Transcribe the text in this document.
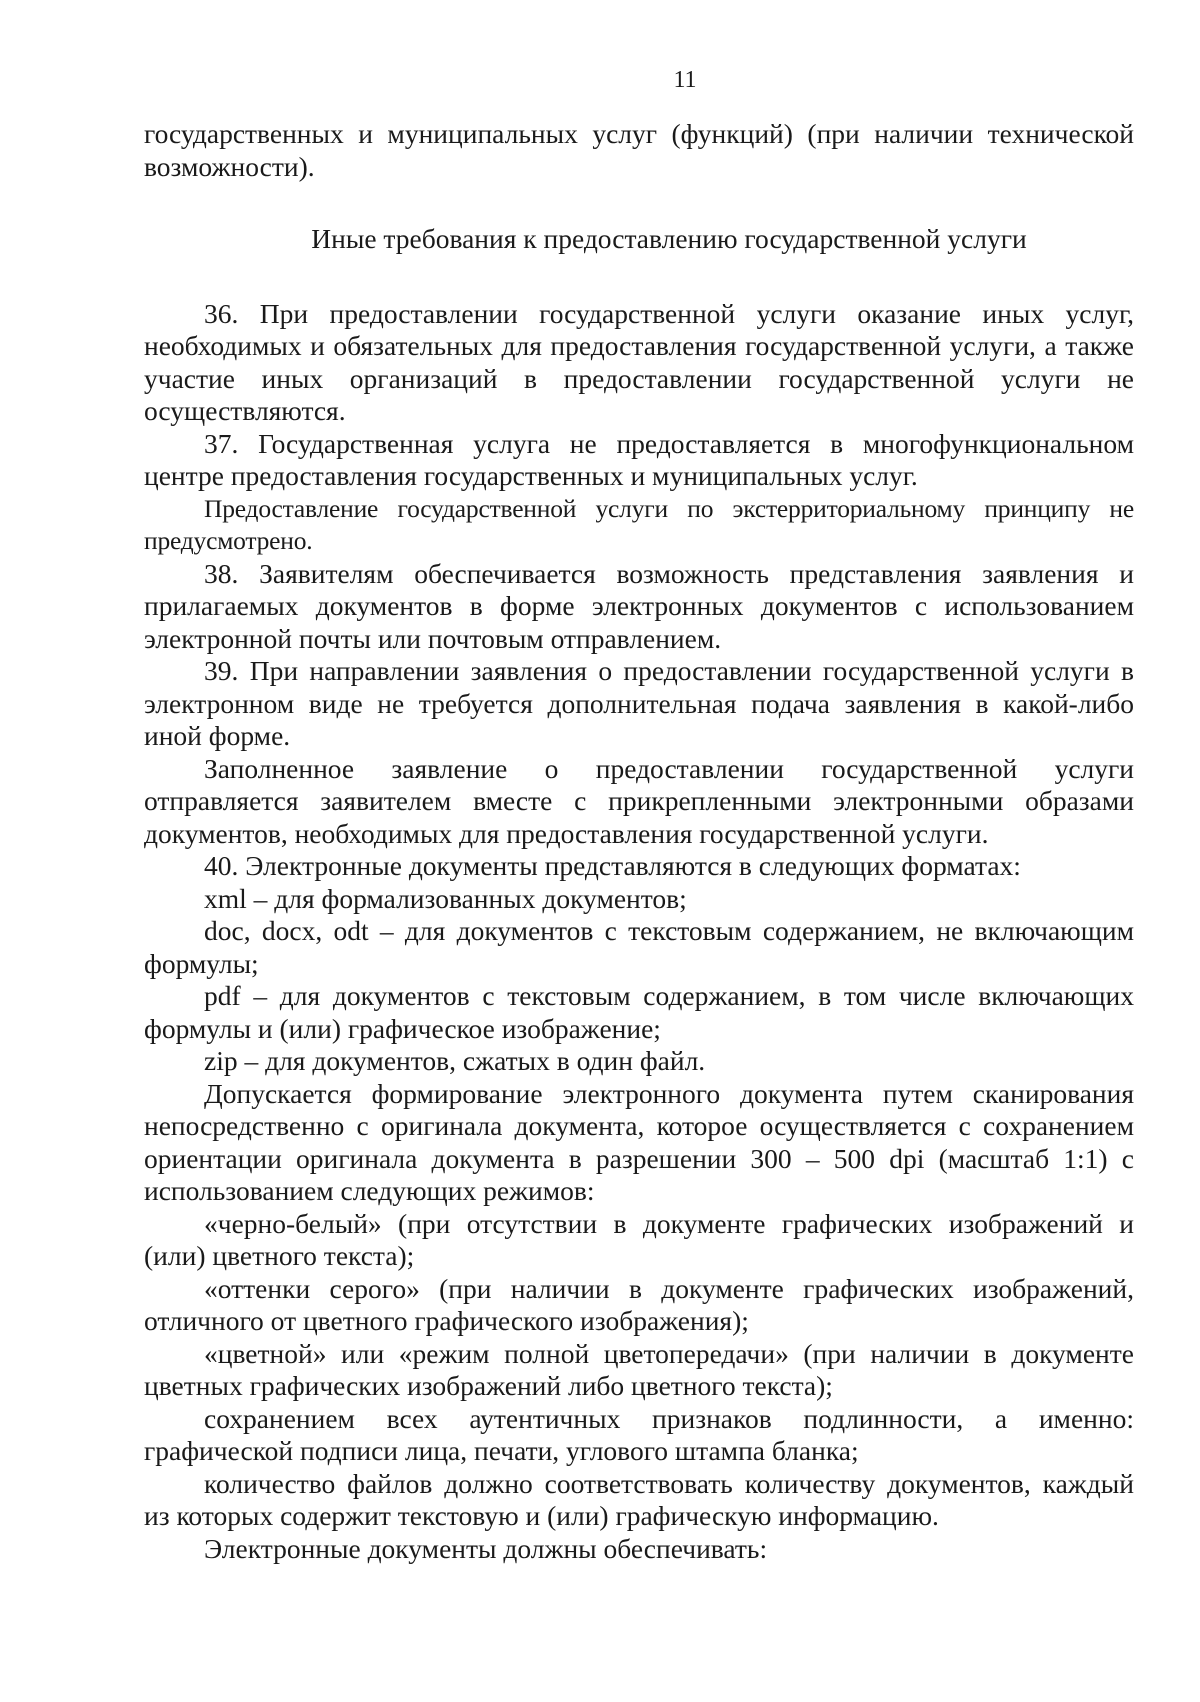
11

государственных и муниципальных услуг (функций) (при наличии технической возможности).

Иные требования к предоставлению государственной услуги

36. При предоставлении государственной услуги оказание иных услуг, необходимых и обязательных для предоставления государственной услуги, а также участие иных организаций в предоставлении государственной услуги не осуществляются.

37. Государственная услуга не предоставляется в многофункциональном центре предоставления государственных и муниципальных услуг.

Предоставление государственной услуги по экстерриториальному принципу не предусмотрено.

38. Заявителям обеспечивается возможность представления заявления и прилагаемых документов в форме электронных документов с использованием электронной почты или почтовым отправлением.

39. При направлении заявления о предоставлении государственной услуги в электронном виде не требуется дополнительная подача заявления в какой-либо иной форме.

Заполненное заявление о предоставлении государственной услуги отправляется заявителем вместе с прикрепленными электронными образами документов, необходимых для предоставления государственной услуги.

40. Электронные документы представляются в следующих форматах:

xml – для формализованных документов;

doc, docx, odt – для документов с текстовым содержанием, не включающим формулы;

pdf – для документов с текстовым содержанием, в том числе включающих формулы и (или) графическое изображение;

zip – для документов, сжатых в один файл.

Допускается формирование электронного документа путем сканирования непосредственно с оригинала документа, которое осуществляется с сохранением ориентации оригинала документа в разрешении 300 – 500 dpi (масштаб 1:1) с использованием следующих режимов:

«черно-белый» (при отсутствии в документе графических изображений и (или) цветного текста);

«оттенки серого» (при наличии в документе графических изображений, отличного от цветного графического изображения);

«цветной» или «режим полной цветопередачи» (при наличии в документе цветных графических изображений либо цветного текста);

сохранением всех аутентичных признаков подлинности, а именно: графической подписи лица, печати, углового штампа бланка;

количество файлов должно соответствовать количеству документов, каждый из которых содержит текстовую и (или) графическую информацию.

Электронные документы должны обеспечивать:
